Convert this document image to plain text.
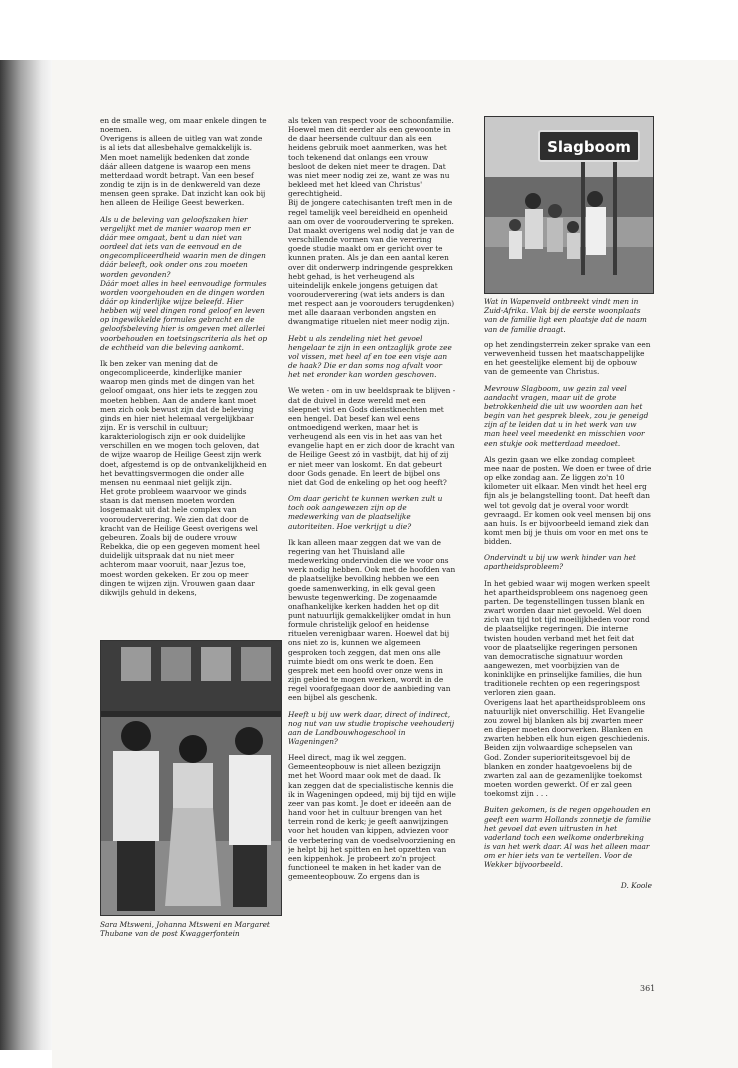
en de smalle weg, om maar enkele dingen te noemen.
Overigens is alleen de uitleg van wat zonde is al iets dat allesbehalve gemakkelijk is. Men moet namelijk bedenken dat zonde dáár alleen datgene is waarop een mens metterdaad wordt betrapt. Van een besef zondig te zijn is in de denkwereld van deze mensen geen sprake. Dat inzicht kan ook bij hen alleen de Heilige Geest bewerken.

Als u de beleving van geloofszaken hier vergelijkt met de manier waarop men er dáár mee omgaat, bent u dan niet van oordeel dat iets van de eenvoud en de ongecompliceerdheid waarin men de dingen dáár beleeft, ook onder ons zou moeten worden gevonden?
Dáár moet alles in heel eenvoudige formules worden voorgehouden en de dingen worden dáár op kinderlijke wijze beleefd. Hier hebben wij veel dingen rond geloof en leven op ingewikkelde formules gebracht en de geloofsbeleving hier is omgeven met allerlei voorbehouden en toetsingscriteria als het op de echtheid van die beleving aankomt.

Ik ben zeker van mening dat de ongecompliceerde, kinderlijke manier waarop men ginds met de dingen van het geloof omgaat, ons hier iets te zeggen zou moeten hebben. Aan de andere kant moet men zich ook bewust zijn dat de beleving ginds en hier niet helemaal vergelijkbaar zijn. Er is verschil in cultuur; karakteriologisch zijn er ook duidelijke verschillen en we mogen toch geloven, dat de wijze waarop de Heilige Geest zijn werk doet, afgestemd is op de ontvankelijkheid en het bevattingsvermogen die onder alle mensen nu eenmaal niet gelijk zijn.
Het grote probleem waarvoor we ginds staan is dat mensen moeten worden losgemaakt uit dat hele complex van voorouderverering. We zien dat door de kracht van de Heilige Geest overigens wel gebeuren. Zoals bij de oudere vrouw Rebekka, die op een gegeven moment heel duidelijk uitspraak dat nu niet meer achterom maar vooruit, naar Jezus toe, moest worden gekeken. Er zou op meer dingen te wijzen zijn. Vrouwen gaan daar dikwijls gehuld in dekens,

Sara Mtsweni, Johanna Mtsweni en Margaret Thubane van de post Kwaggerfontein

als teken van respect voor de schoonfamilie. Hoewel men dit eerder als een gewoonte in de daar heersende cultuur dan als een heidens gebruik moet aanmerken, was het toch tekenend dat onlangs een vrouw besloot de deken niet meer te dragen. Dat was niet meer nodig zei ze, want ze was nu bekleed met het kleed van Christus' gerechtigheid.
Bij de jongere catechisanten treft men in de regel tamelijk veel bereidheid en openheid aan om over de vooroudervering te spreken. Dat maakt overigens wel nodig dat je van de verschillende vormen van die verering goede studie maakt om er gericht over te kunnen praten. Als je dan een aantal keren over dit onderwerp indringende gesprekken hebt gehad, is het verheugend als uiteindelijk enkele jongens getuigen dat voorouderverering (wat iets anders is dan met respect aan je voorouders terugdenken) met alle daaraan verbonden angsten en dwangmatige rituelen niet meer nodig zijn.

Hebt u als zendeling niet het gevoel hengelaar te zijn in een ontzaglijk grote zee vol vissen, met heel af en toe een visje aan de haak? Die er dan soms nog afvalt voor het net eronder kan worden geschoven.

We weten - om in uw beeldspraak te blijven - dat de duivel in deze wereld met een sleepnet vist en Gods dienstknechten met een hengel. Dat besef kan wel eens ontmoedigend werken, maar het is verheugend als een vis in het aas van het evangelie hapt en er zich door de kracht van de Heilige Geest zó in vastbijt, dat hij of zij er niet meer van loskomt. En dat gebeurt door Gods genade. En leert de bijbel ons niet dat God de enkeling op het oog heeft?

Om daar gericht te kunnen werken zult u toch ook aangewezen zijn op de medewerking van de plaatselijke autoriteiten. Hoe verkrijgt u die?

Ik kan alleen maar zeggen dat we van de regering van het Thuisland alle medewerking ondervinden die we voor ons werk nodig hebben. Ook met de hoofden van de plaatselijke bevolking hebben we een goede samenwerking, in elk geval geen bewuste tegenwerking. De zogenaamde onafhankelijke kerken hadden het op dit punt natuurlijk gemakkelijker omdat in hun formule christelijk geloof en heidense rituelen verenigbaar waren. Hoewel dat bij ons niet zo is, kunnen we algemeen gesproken toch zeggen, dat men ons alle ruimte biedt om ons werk te doen. Een gesprek met een hoofd over onze wens in zijn gebied te mogen werken, wordt in de regel voorafgegaan door de aanbieding van een bijbel als geschenk.

Heeft u bij uw werk daar, direct of indirect, nog nut van uw studie tropische veehouderij aan de Landbouwhogeschool in Wageningen?

Heel direct, mag ik wel zeggen. Gemeenteopbouw is niet alleen bezigzijn met het Woord maar ook met de daad. Ik kan zeggen dat de specialistische kennis die ik in Wageningen opdeed, mij bij tijd en wijle zeer van pas komt. Je doet er ideeën aan de hand voor het in cultuur brengen van het terrein rond de kerk; je geeft aanwijzingen voor het houden van kippen, adviezen voor de verbetering van de voedselvoorziening en je helpt bij het spitten en het opzetten van een kippenhok. Je probeert zo'n project functioneel te maken in het kader van de gemeenteopbouw. Zo ergens dan is

Slagboom
Wat in Wapenveld ontbreekt vindt men in Zuid-Afrika. Vlak bij de eerste woonplaats van de familie ligt een plaatsje dat de naam van de familie draagt.

op het zendingsterrein zeker sprake van een verwevenheid tussen het maatschappelijke en het geestelijke element bij de opbouw van de gemeente van Christus.

Mevrouw Slagboom, uw gezin zal veel aandacht vragen, maar uit de grote betrokkenheid die uit uw woorden aan het begin van het gesprek bleek, zou je geneigd zijn af te leiden dat u in het werk van uw man heel veel meedenkt en misschien voor een stukje ook metterdaad meedoet.

Als gezin gaan we elke zondag compleet mee naar de posten. We doen er twee of drie op elke zondag aan. Ze liggen zo'n 10 kilometer uit elkaar. Men vindt het heel erg fijn als je belangstelling toont. Dat heeft dan wel tot gevolg dat je overal voor wordt gevraagd. Er komen ook veel mensen bij ons aan huis. Is er bijvoorbeeld iemand ziek dan komt men bij je thuis om voor en met ons te bidden.

Ondervindt u bij uw werk hinder van het apartheidsprobleem?

In het gebied waar wij mogen werken speelt het apartheidsprobleem ons nagenoeg geen parten. De tegenstellingen tussen blank en zwart worden daar niet gevoeld. Wel doen zich van tijd tot tijd moeilijkheden voor rond de plaatselijke regeringen. Die interne twisten houden verband met het feit dat voor de plaatselijke regeringen personen van democratische signatuur worden aangewezen, met voorbijzien van de koninklijke en prinselijke families, die hun traditionele rechten op een regeringspost verloren zien gaan.
Overigens laat het apartheidsprobleem ons natuurlijk niet onverschillig. Het Evangelie zou zowel bij blanken als bij zwarten meer en dieper moeten doorwerken. Blanken en zwarten hebben elk hun eigen geschiedenis. Beiden zijn volwaardige schepselen van God. Zonder superioriteitsgevoel bij de blanken en zonder haatgevoelens bij de zwarten zal aan de gezamenlijke toekomst moeten worden gewerkt. Of er zal geen toekomst zijn . . .

Buiten gekomen, is de regen opgehouden en geeft een warm Hollands zonnetje de familie het gevoel dat even uitrusten in het vaderland toch een welkome onderbreking is van het werk daar. Al was het alleen maar om er hier iets van te vertellen. Voor de Wekker bijvoorbeeld.

D. Koole

361
